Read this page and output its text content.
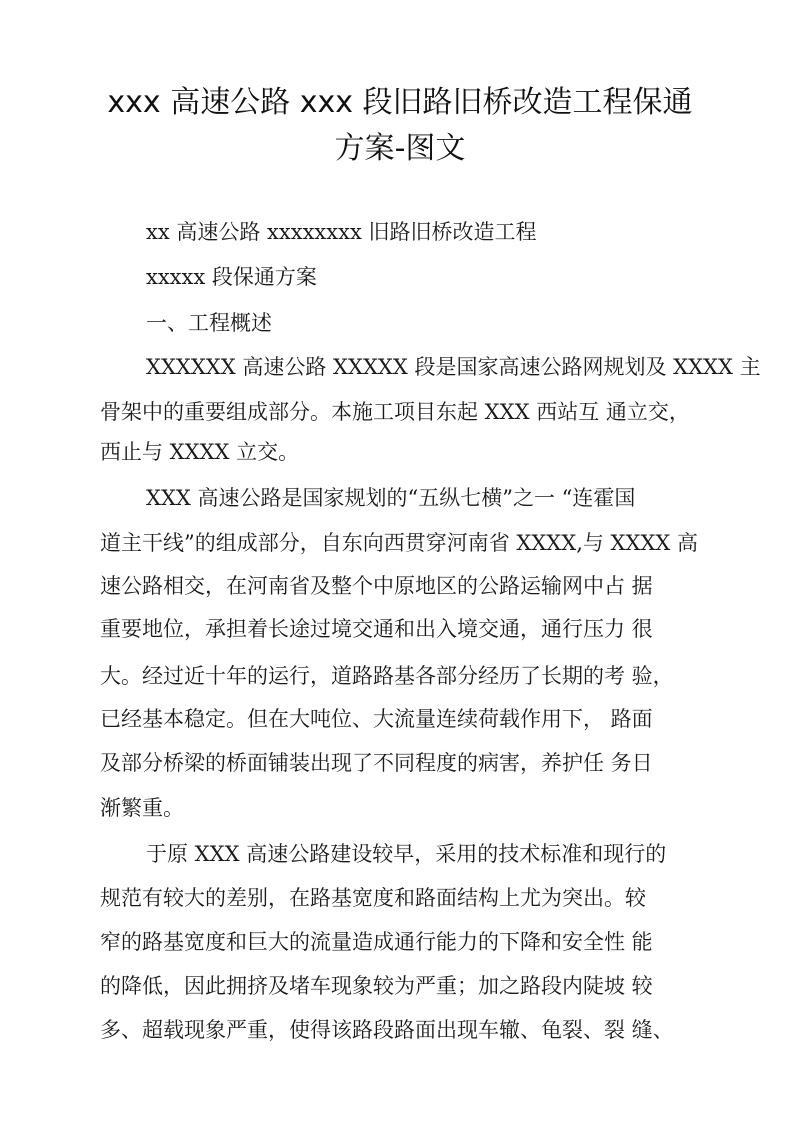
xxx 高速公路 xxx 段旧路旧桥改造工程保通
方案-图文
xx 高速公路 xxxxxxxx 旧路旧桥改造工程
xxxxx 段保通方案
一、工程概述
XXXXXX 高速公路 XXXXX 段是国家高速公路网规划及 XXXX 主
骨架中的重要组成部分。本施工项目东起 XXX 西站互 通立交，
西止与 XXXX 立交。
XXX 高速公路是国家规划的“五纵七横”之一 “连霍国
道主干线”的组成部分，自东向西贯穿河南省 XXXX,与 XXXX 高
速公路相交，在河南省及整个中原地区的公路运输网中占 据
重要地位，承担着长途过境交通和出入境交通，通行压力 很
大。经过近十年的运行，道路路基各部分经历了长期的考 验，
已经基本稳定。但在大吨位、大流量连续荷载作用下， 路面
及部分桥梁的桥面铺装出现了不同程度的病害，养护任 务日
渐繁重。
于原 XXX 高速公路建设较早，采用的技术标准和现行的
规范有较大的差别，在路基宽度和路面结构上尤为突出。较
窄的路基宽度和巨大的流量造成通行能力的下降和安全性 能
的降低，因此拥挤及堵车现象较为严重；加之路段内陡坡 较
多、超载现象严重，使得该路段路面出现车辙、龟裂、裂 缝、
